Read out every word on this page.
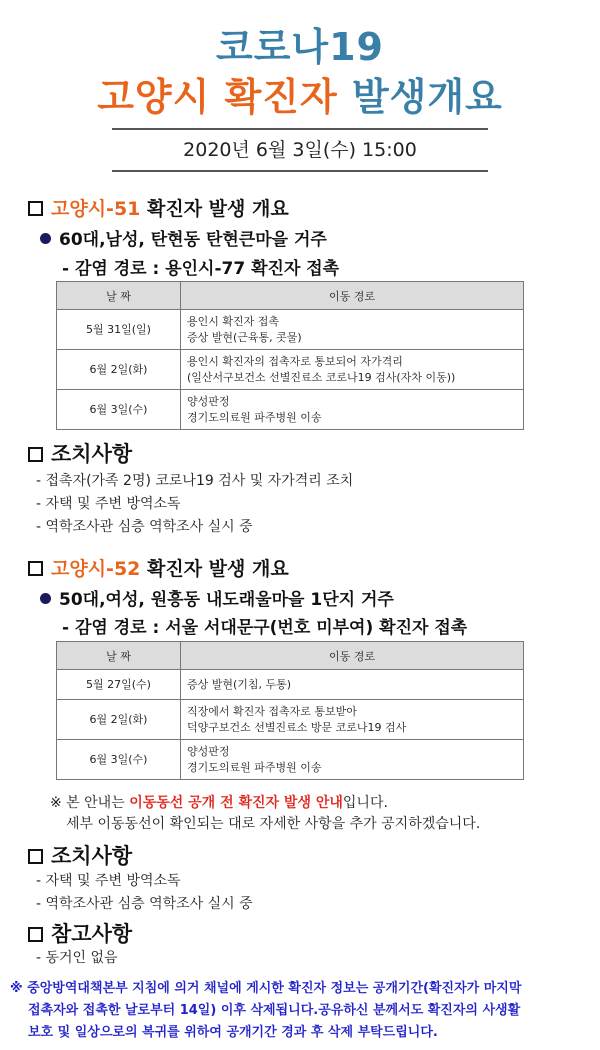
코로나19
고양시 확진자 발생개요
2020년 6월 3일(수) 15:00
고양시-51 확진자 발생 개요
60대,남성, 탄현동 탄현큰마을 거주
- 감염 경로 : 용인시-77 확진자 접촉
날 짜	이동 경로
5월 31일(일)	용인시 확진자 접촉
증상 발현(근육통, 콧물)
6월 2일(화)	용인시 확진자의 접촉자로 통보되어 자가격리
(일산서구보건소 선별진료소 코로나19 검사(자차 이동))
6월 3일(수)	양성판정
경기도의료원 파주병원 이송
조치사항
- 접촉자(가족 2명) 코로나19 검사 및 자가격리 조치
- 자택 및 주변 방역소독
- 역학조사관 심층 역학조사 실시 중
고양시-52 확진자 발생 개요
50대,여성, 원흥동 내도래울마을 1단지 거주
- 감염 경로 : 서울 서대문구(번호 미부여) 확진자 접촉
날 짜	이동 경로
5월 27일(수)	증상 발현(기침, 두통)
6월 2일(화)	직장에서 확진자 접촉자로 통보받아
덕양구보건소 선별진료소 방문 코로나19 검사
6월 3일(수)	양성판정
경기도의료원 파주병원 이송
※ 본 안내는 이동동선 공개 전 확진자 발생 안내입니다.
세부 이동동선이 확인되는 대로 자세한 사항을 추가 공지하겠습니다.
조치사항
- 자택 및 주변 방역소독
- 역학조사관 심층 역학조사 실시 중
참고사항
- 동거인 없음
※ 중앙방역대책본부 지침에 의거 채널에 게시한 확진자 정보는 공개기간(확진자가 마지막
접촉자와 접촉한 날로부터 14일) 이후 삭제됩니다.공유하신 분께서도 확진자의 사생활
보호 및 일상으로의 복귀를 위하여 공개기간 경과 후 삭제 부탁드립니다.
